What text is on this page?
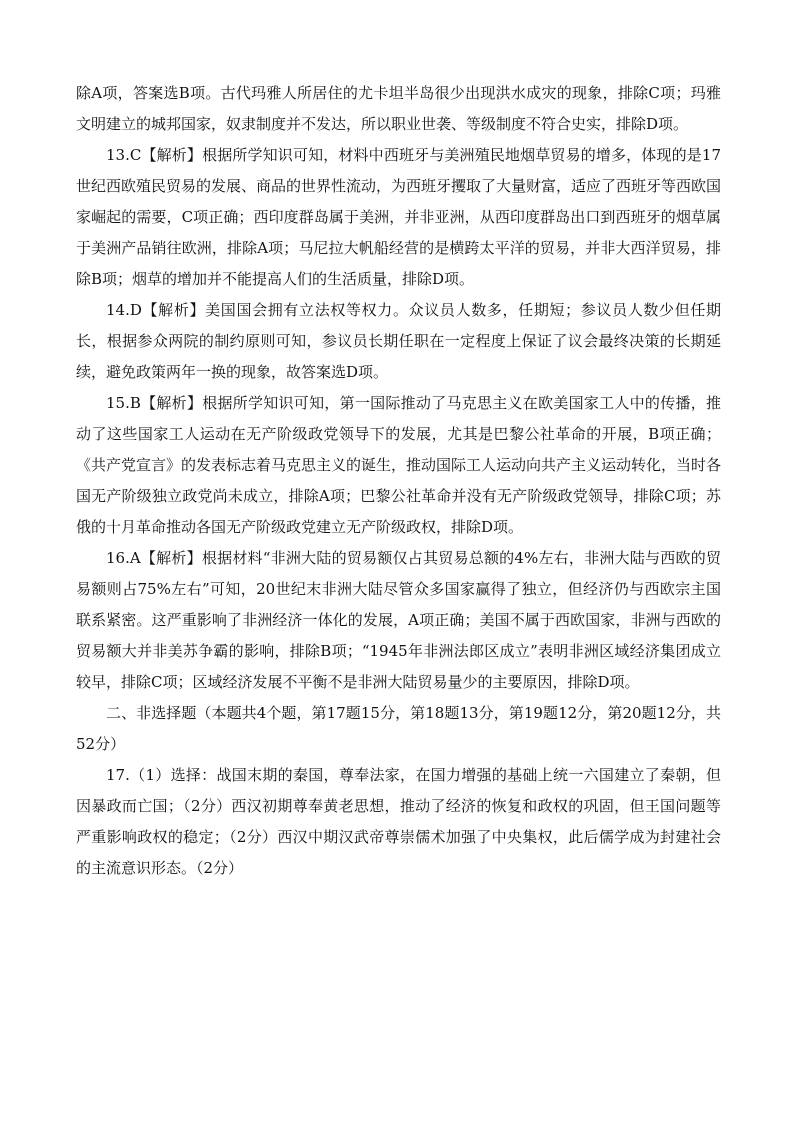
除A项，答案选B项。古代玛雅人所居住的尤卡坦半岛很少出现洪水成灾的现象，排除C项；玛雅文明建立的城邦国家，奴隶制度并不发达，所以职业世袭、等级制度不符合史实，排除D项。

13.C【解析】根据所学知识可知，材料中西班牙与美洲殖民地烟草贸易的增多，体现的是17世纪西欧殖民贸易的发展、商品的世界性流动，为西班牙攫取了大量财富，适应了西班牙等西欧国家崛起的需要，C项正确；西印度群岛属于美洲，并非亚洲，从西印度群岛出口到西班牙的烟草属于美洲产品销往欧洲，排除A项；马尼拉大帆船经营的是横跨太平洋的贸易，并非大西洋贸易，排除B项；烟草的增加并不能提高人们的生活质量，排除D项。

14.D【解析】美国国会拥有立法权等权力。众议员人数多，任期短；参议员人数少但任期长，根据参众两院的制约原则可知，参议员长期任职在一定程度上保证了议会最终决策的长期延续，避免政策两年一换的现象，故答案选D项。

15.B【解析】根据所学知识可知，第一国际推动了马克思主义在欧美国家工人中的传播，推动了这些国家工人运动在无产阶级政党领导下的发展，尤其是巴黎公社革命的开展，B项正确；《共产党宣言》的发表标志着马克思主义的诞生，推动国际工人运动向共产主义运动转化，当时各国无产阶级独立政党尚未成立，排除A项；巴黎公社革命并没有无产阶级政党领导，排除C项；苏俄的十月革命推动各国无产阶级政党建立无产阶级政权，排除D项。

16.A【解析】根据材料“非洲大陆的贸易额仅占其贸易总额的4%左右，非洲大陆与西欧的贸易额则占75%左右”可知，20世纪末非洲大陆尽管众多国家赢得了独立，但经济仍与西欧宗主国联系紧密。这严重影响了非洲经济一体化的发展，A项正确；美国不属于西欧国家，非洲与西欧的贸易额大并非美苏争霸的影响，排除B项；“1945年非洲法郎区成立”表明非洲区域经济集团成立较早，排除C项；区域经济发展不平衡不是非洲大陆贸易量少的主要原因，排除D项。

二、非选择题（本题共4个题，第17题15分，第18题13分，第19题12分，第20题12分，共52分）

17.（1）选择：战国末期的秦国，尊奉法家，在国力增强的基础上统一六国建立了秦朝，但因暴政而亡国；（2分）西汉初期尊奉黄老思想，推动了经济的恢复和政权的巩固，但王国问题等严重影响政权的稳定；（2分）西汉中期汉武帝尊崇儒术加强了中央集权，此后儒学成为封建社会的主流意识形态。（2分）
